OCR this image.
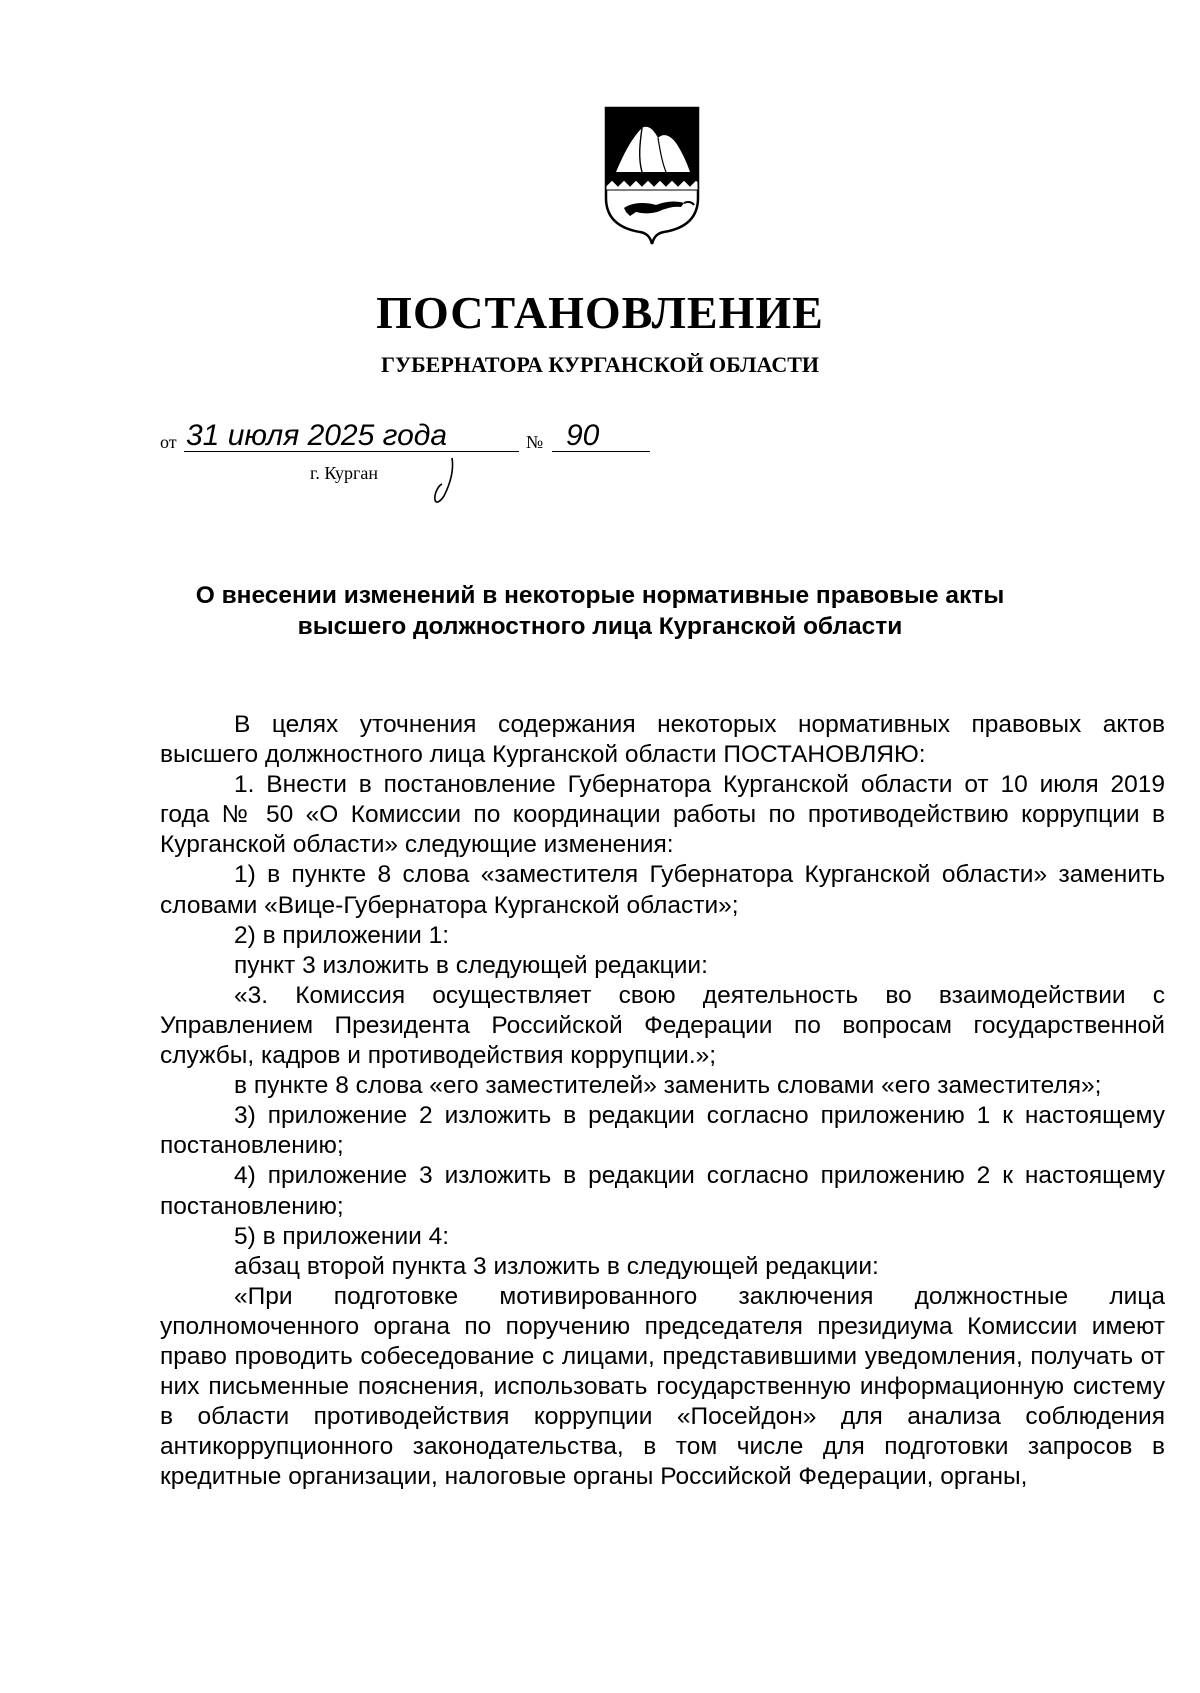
ПОСТАНОВЛЕНИЕ
ГУБЕРНАТОРА КУРГАНСКОЙ ОБЛАСТИ
от 31 июля 2025 года	№ 90
г. Курган
О внесении изменений в некоторые нормативные правовые акты
высшего должностного лица Курганской области

В целях уточнения содержания некоторых нормативных правовых актов высшего должностного лица Курганской области ПОСТАНОВЛЯЮ:

1. Внести в постановление Губернатора Курганской области от 10 июля 2019 года № 50 «О Комиссии по координации работы по противодействию коррупции в Курганской области» следующие изменения:

1) в пункте 8 слова «заместителя Губернатора Курганской области» заменить словами «Вице-Губернатора Курганской области»;

2) в приложении 1:

пункт 3 изложить в следующей редакции:

«3. Комиссия осуществляет свою деятельность во взаимодействии с Управлением Президента Российской Федерации по вопросам государственной службы, кадров и противодействия коррупции.»;

в пункте 8 слова «его заместителей» заменить словами «его заместителя»;

3) приложение 2 изложить в редакции согласно приложению 1 к настоящему постановлению;

4) приложение 3 изложить в редакции согласно приложению 2 к настоящему постановлению;

5) в приложении 4:

абзац второй пункта 3 изложить в следующей редакции:

«При подготовке мотивированного заключения должностные лица уполномоченного органа по поручению председателя президиума Комиссии имеют право проводить собеседование с лицами, представившими уведомления, получать от них письменные пояснения, использовать государственную информационную систему в области противодействия коррупции «Посейдон» для анализа соблюдения антикоррупционного законодательства, в том числе для подготовки запросов в кредитные организации, налоговые органы Российской Федерации, органы,
